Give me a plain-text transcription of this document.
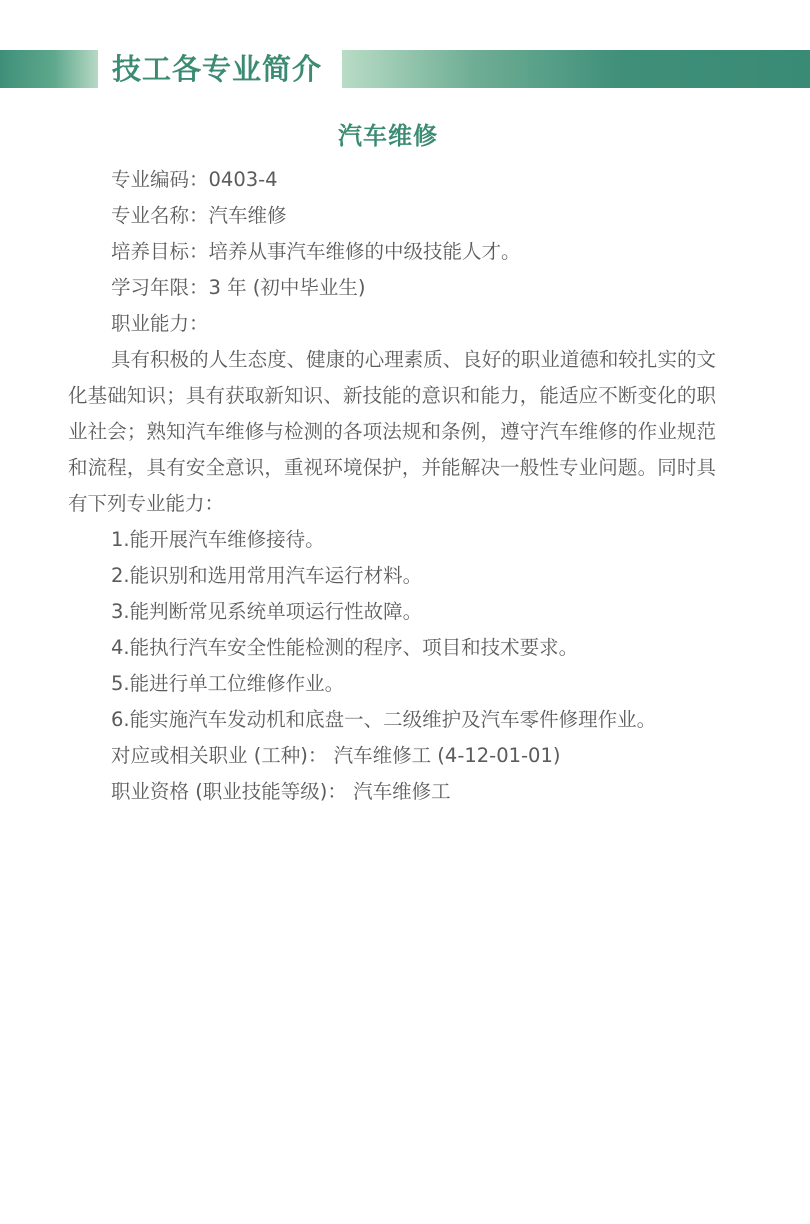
技工各专业简介
汽车维修

专业编码：0403-4

专业名称：汽车维修

培养目标：培养从事汽车维修的中级技能人才。

学习年限：3 年 (初中毕业生)

职业能力：

具有积极的人生态度、健康的心理素质、良好的职业道德和较扎实的文化基础知识；具有获取新知识、新技能的意识和能力，能适应不断变化的职业社会；熟知汽车维修与检测的各项法规和条例，遵守汽车维修的作业规范和流程，具有安全意识，重视环境保护，并能解决一般性专业问题。同时具有下列专业能力：

1.能开展汽车维修接待。

2.能识别和选用常用汽车运行材料。

3.能判断常见系统单项运行性故障。

4.能执行汽车安全性能检测的程序、项目和技术要求。

5.能进行单工位维修作业。

6.能实施汽车发动机和底盘一、二级维护及汽车零件修理作业。

对应或相关职业 (工种)： 汽车维修工 (4-12-01-01)

职业资格 (职业技能等级)： 汽车维修工
